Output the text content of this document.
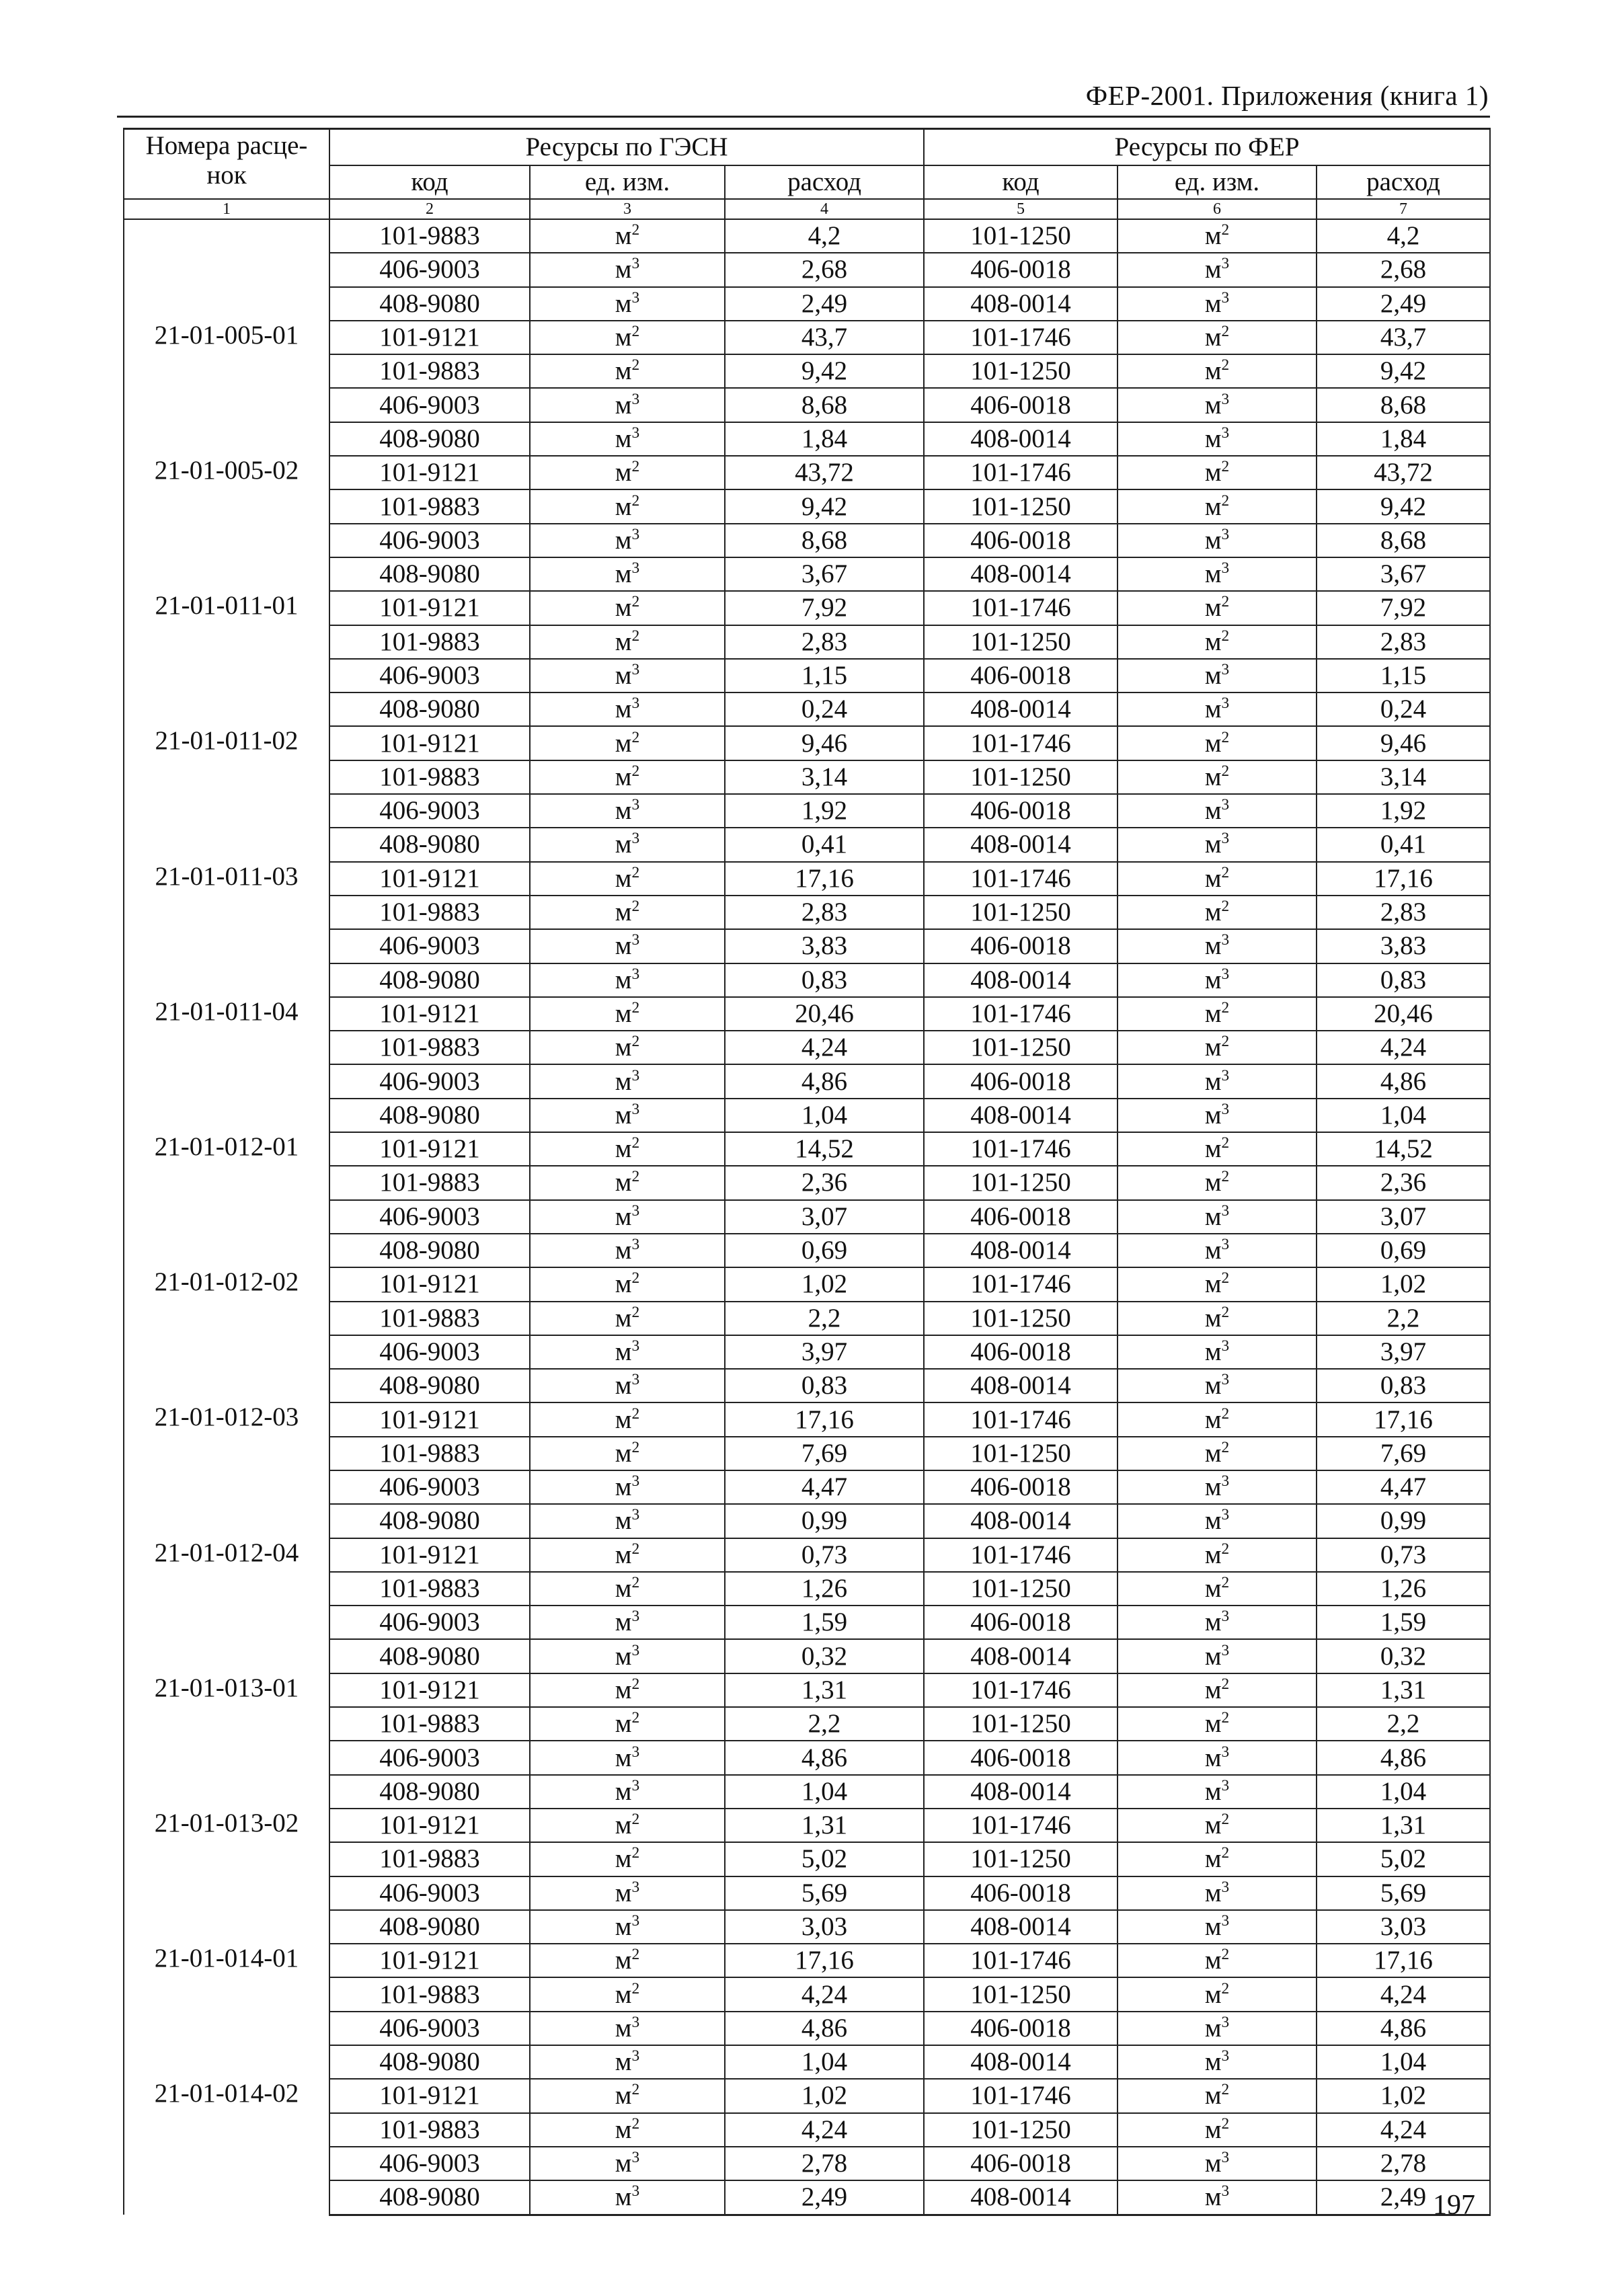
ФЕР-2001. Приложения (книга 1)
Номера расце-
нок	Ресурсы по ГЭСН			Ресурсы по ФЕР		
	код	ед. изм.	расход	код	ед. изм.	расход
1	2	3	4	5	6	7
	101-9883	$м^2$	4,2	101-1250	$м^2$	4,2
	406-9003	$м^3$	2,68	406-0018	$м^3$	2,68
	408-9080	$м^3$	2,49	408-0014	$м^3$	2,49
21-01-005-01	101-9121	$м^2$	43,7	101-1746	$м^2$	43,7
	101-9883	$м^2$	9,42	101-1250	$м^2$	9,42
	406-9003	$м^3$	8,68	406-0018	$м^3$	8,68
	408-9080	$м^3$	1,84	408-0014	$м^3$	1,84
21-01-005-02	101-9121	$м^2$	43,72	101-1746	$м^2$	43,72
	101-9883	$м^2$	9,42	101-1250	$м^2$	9,42
	406-9003	$м^3$	8,68	406-0018	$м^3$	8,68
	408-9080	$м^3$	3,67	408-0014	$м^3$	3,67
21-01-011-01	101-9121	$м^2$	7,92	101-1746	$м^2$	7,92
	101-9883	$м^2$	2,83	101-1250	$м^2$	2,83
	406-9003	$м^3$	1,15	406-0018	$м^3$	1,15
	408-9080	$м^3$	0,24	408-0014	$м^3$	0,24
21-01-011-02	101-9121	$м^2$	9,46	101-1746	$м^2$	9,46
	101-9883	$м^2$	3,14	101-1250	$м^2$	3,14
	406-9003	$м^3$	1,92	406-0018	$м^3$	1,92
	408-9080	$м^3$	0,41	408-0014	$м^3$	0,41
21-01-011-03	101-9121	$м^2$	17,16	101-1746	$м^2$	17,16
	101-9883	$м^2$	2,83	101-1250	$м^2$	2,83
	406-9003	$м^3$	3,83	406-0018	$м^3$	3,83
	408-9080	$м^3$	0,83	408-0014	$м^3$	0,83
21-01-011-04	101-9121	$м^2$	20,46	101-1746	$м^2$	20,46
	101-9883	$м^2$	4,24	101-1250	$м^2$	4,24
	406-9003	$м^3$	4,86	406-0018	$м^3$	4,86
	408-9080	$м^3$	1,04	408-0014	$м^3$	1,04
21-01-012-01	101-9121	$м^2$	14,52	101-1746	$м^2$	14,52
	101-9883	$м^2$	2,36	101-1250	$м^2$	2,36
	406-9003	$м^3$	3,07	406-0018	$м^3$	3,07
	408-9080	$м^3$	0,69	408-0014	$м^3$	0,69
21-01-012-02	101-9121	$м^2$	1,02	101-1746	$м^2$	1,02
	101-9883	$м^2$	2,2	101-1250	$м^2$	2,2
	406-9003	$м^3$	3,97	406-0018	$м^3$	3,97
	408-9080	$м^3$	0,83	408-0014	$м^3$	0,83
21-01-012-03	101-9121	$м^2$	17,16	101-1746	$м^2$	17,16
	101-9883	$м^2$	7,69	101-1250	$м^2$	7,69
	406-9003	$м^3$	4,47	406-0018	$м^3$	4,47
	408-9080	$м^3$	0,99	408-0014	$м^3$	0,99
21-01-012-04	101-9121	$м^2$	0,73	101-1746	$м^2$	0,73
	101-9883	$м^2$	1,26	101-1250	$м^2$	1,26
	406-9003	$м^3$	1,59	406-0018	$м^3$	1,59
	408-9080	$м^3$	0,32	408-0014	$м^3$	0,32
21-01-013-01	101-9121	$м^2$	1,31	101-1746	$м^2$	1,31
	101-9883	$м^2$	2,2	101-1250	$м^2$	2,2
	406-9003	$м^3$	4,86	406-0018	$м^3$	4,86
	408-9080	$м^3$	1,04	408-0014	$м^3$	1,04
21-01-013-02	101-9121	$м^2$	1,31	101-1746	$м^2$	1,31
	101-9883	$м^2$	5,02	101-1250	$м^2$	5,02
	406-9003	$м^3$	5,69	406-0018	$м^3$	5,69
	408-9080	$м^3$	3,03	408-0014	$м^3$	3,03
21-01-014-01	101-9121	$м^2$	17,16	101-1746	$м^2$	17,16
	101-9883	$м^2$	4,24	101-1250	$м^2$	4,24
	406-9003	$м^3$	4,86	406-0018	$м^3$	4,86
	408-9080	$м^3$	1,04	408-0014	$м^3$	1,04
21-01-014-02	101-9121	$м^2$	1,02	101-1746	$м^2$	1,02
	101-9883	$м^2$	4,24	101-1250	$м^2$	4,24
	406-9003	$м^3$	2,78	406-0018	$м^3$	2,78
	408-9080	$м^3$	2,49	408-0014	$м^3$	2,49 197
